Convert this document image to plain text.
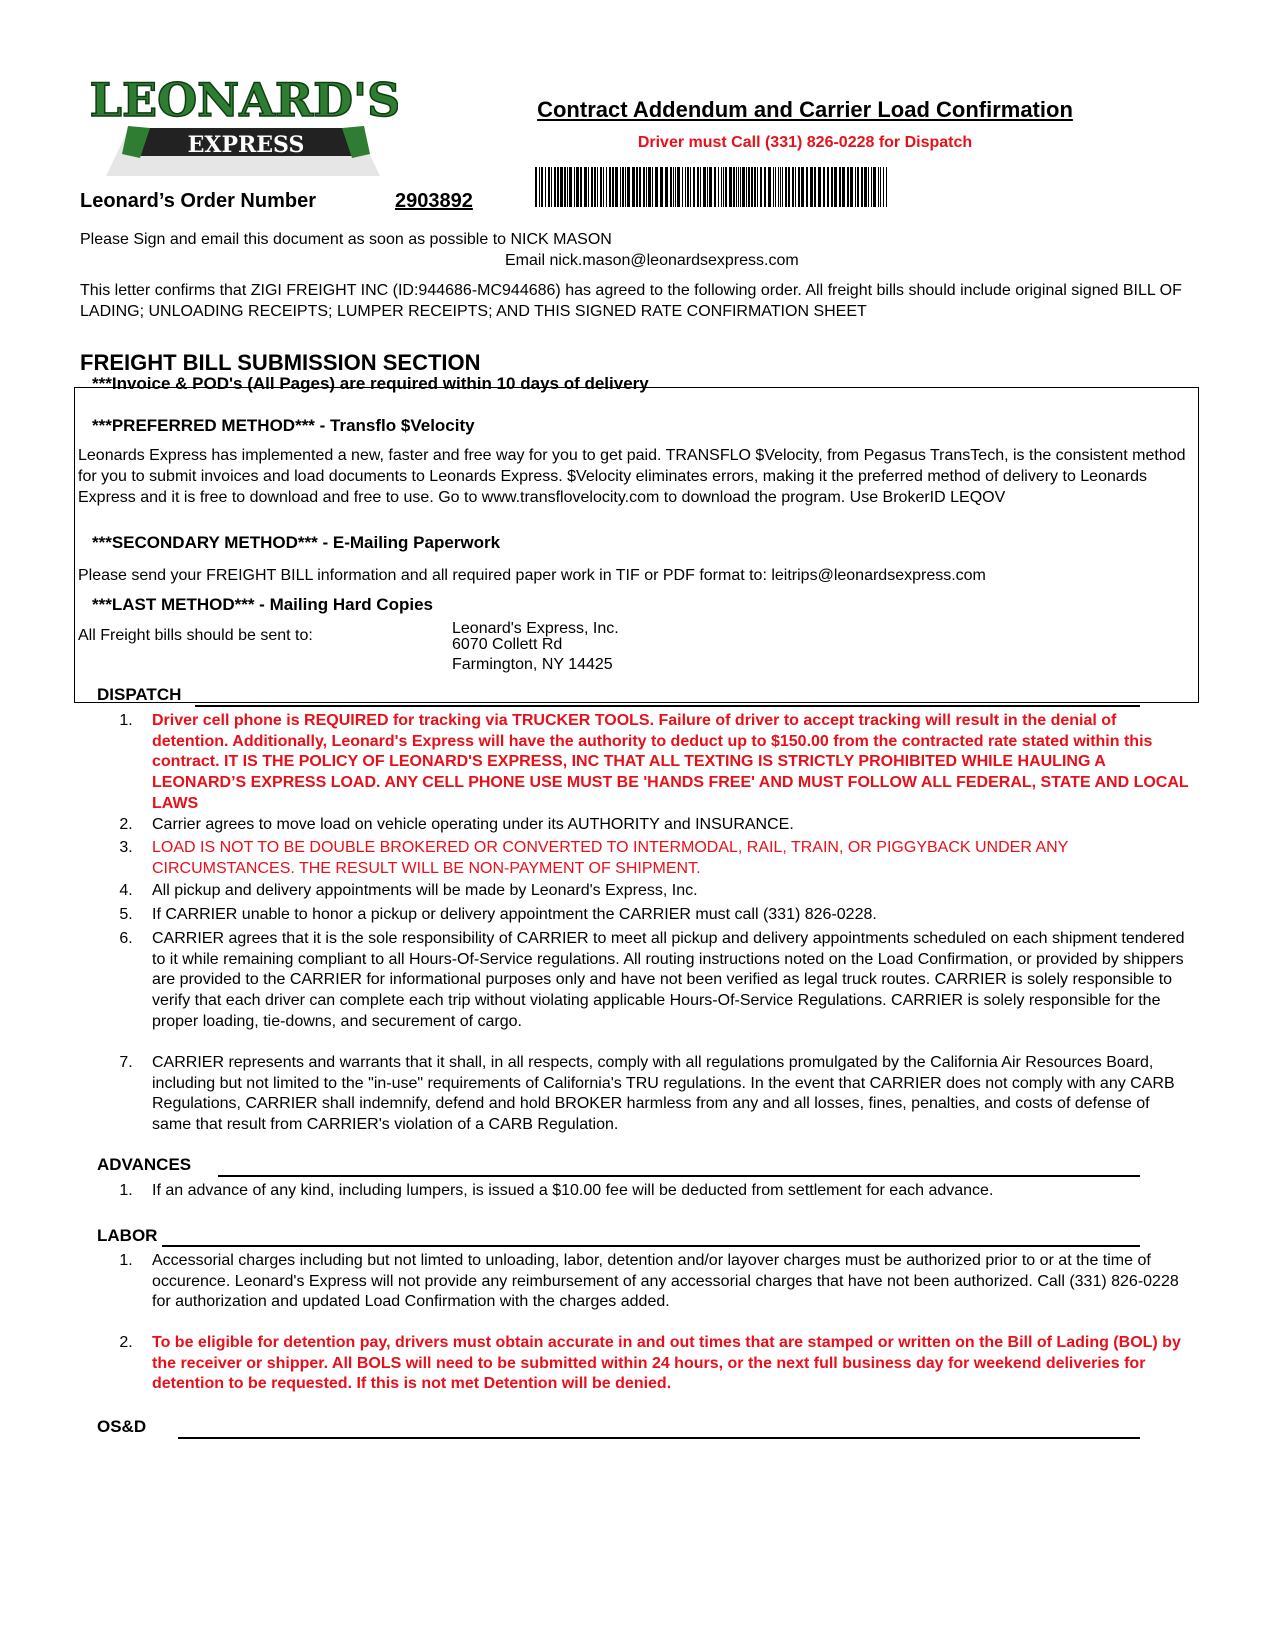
LEONARD'S
EXPRESS
Contract Addendum and Carrier Load Confirmation
Driver must Call (331) 826-0228 for Dispatch
Leonard’s Order Number	2903892
Please Sign and email this document as soon as possible to NICK MASON
Email nick.mason@leonardsexpress.com
This letter confirms that ZIGI FREIGHT INC (ID:944686-MC944686) has agreed to the following order. All freight bills should include original signed BILL OF LADING; UNLOADING RECEIPTS; LUMPER RECEIPTS; AND THIS SIGNED RATE CONFIRMATION SHEET
FREIGHT BILL SUBMISSION SECTION
***Invoice & POD's (All Pages) are required within 10 days of delivery
***PREFERRED METHOD*** - Transflo $Velocity
Leonards Express has implemented a new, faster and free way for you to get paid. TRANSFLO $Velocity, from Pegasus TransTech, is the consistent method for you to submit invoices and load documents to Leonards Express. $Velocity eliminates errors, making it the preferred method of delivery to Leonards Express and it is free to download and free to use. Go to www.transflovelocity.com to download the program. Use BrokerID LEQOV
***SECONDARY METHOD*** - E-Mailing Paperwork
Please send your FREIGHT BILL information and all required paper work in TIF or PDF format to: leitrips@leonardsexpress.com
***LAST METHOD*** - Mailing Hard Copies
All Freight bills should be sent to:	Leonard's Express, Inc.
6070 Collett Rd
Farmington, NY 14425
DISPATCH
1.	Driver cell phone is REQUIRED for tracking via TRUCKER TOOLS. Failure of driver to accept tracking will result in the denial of detention. Additionally, Leonard's Express will have the authority to deduct up to $150.00 from the contracted rate stated within this contract. IT IS THE POLICY OF LEONARD'S EXPRESS, INC THAT ALL TEXTING IS STRICTLY PROHIBITED WHILE HAULING A LEONARD’S EXPRESS LOAD. ANY CELL PHONE USE MUST BE 'HANDS FREE' AND MUST FOLLOW ALL FEDERAL, STATE AND LOCAL LAWS
2.	Carrier agrees to move load on vehicle operating under its AUTHORITY and INSURANCE.
3.	LOAD IS NOT TO BE DOUBLE BROKERED OR CONVERTED TO INTERMODAL, RAIL, TRAIN, OR PIGGYBACK UNDER ANY CIRCUMSTANCES. THE RESULT WILL BE NON-PAYMENT OF SHIPMENT.
4.	All pickup and delivery appointments will be made by Leonard's Express, Inc.
5.	If CARRIER unable to honor a pickup or delivery appointment the CARRIER must call (331) 826-0228.
6.	CARRIER agrees that it is the sole responsibility of CARRIER to meet all pickup and delivery appointments scheduled on each shipment tendered to it while remaining compliant to all Hours-Of-Service regulations. All routing instructions noted on the Load Confirmation, or provided by shippers are provided to the CARRIER for informational purposes only and have not been verified as legal truck routes. CARRIER is solely responsible to verify that each driver can complete each trip without violating applicable Hours-Of-Service Regulations. CARRIER is solely responsible for the proper loading, tie-downs, and securement of cargo.
7.	CARRIER represents and warrants that it shall, in all respects, comply with all regulations promulgated by the California Air Resources Board, including but not limited to the "in-use" requirements of California's TRU regulations. In the event that CARRIER does not comply with any CARB Regulations, CARRIER shall indemnify, defend and hold BROKER harmless from any and all losses, fines, penalties, and costs of defense of same that result from CARRIER's violation of a CARB Regulation.
ADVANCES
1.	If an advance of any kind, including lumpers, is issued a $10.00 fee will be deducted from settlement for each advance.
LABOR
1.	Accessorial charges including but not limted to unloading, labor, detention and/or layover charges must be authorized prior to or at the time of occurence. Leonard's Express will not provide any reimbursement of any accessorial charges that have not been authorized. Call (331) 826-0228 for authorization and updated Load Confirmation with the charges added.
2.	To be eligible for detention pay, drivers must obtain accurate in and out times that are stamped or written on the Bill of Lading (BOL) by the receiver or shipper. All BOLS will need to be submitted within 24 hours, or the next full business day for weekend deliveries for detention to be requested. If this is not met Detention will be denied.
OS&D
